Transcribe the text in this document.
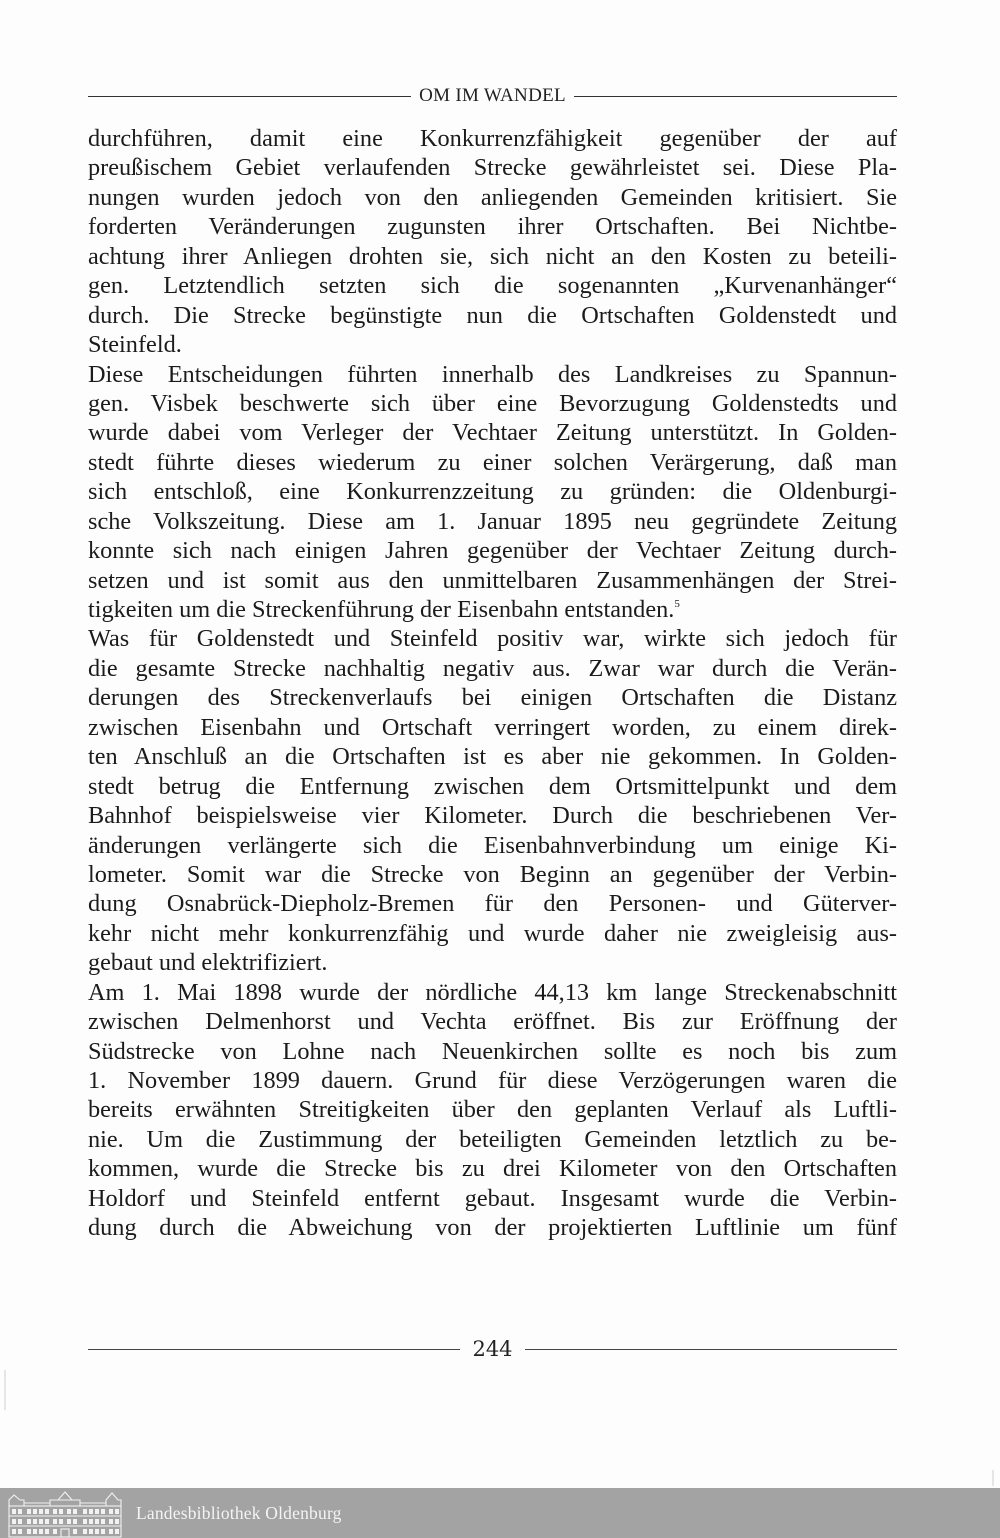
OM IM WANDEL
durchführen, damit eine Konkurrenzfähigkeit gegenüber der auf
preußischem Gebiet verlaufenden Strecke gewährleistet sei. Diese Pla-
nungen wurden jedoch von den anliegenden Gemeinden kritisiert. Sie
forderten Veränderungen zugunsten ihrer Ortschaften. Bei Nichtbe-
achtung ihrer Anliegen drohten sie, sich nicht an den Kosten zu beteili-
gen. Letztendlich setzten sich die sogenannten „Kurvenanhänger“
durch. Die Strecke begünstigte nun die Ortschaften Goldenstedt und
Steinfeld.
Diese Entscheidungen führten innerhalb des Landkreises zu Spannun-
gen. Visbek beschwerte sich über eine Bevorzugung Goldenstedts und
wurde dabei vom Verleger der Vechtaer Zeitung unterstützt. In Golden-
stedt führte dieses wiederum zu einer solchen Verärgerung, daß man
sich entschloß, eine Konkurrenzzeitung zu gründen: die Oldenburgi-
sche Volkszeitung. Diese am 1. Januar 1895 neu gegründete Zeitung
konnte sich nach einigen Jahren gegenüber der Vechtaer Zeitung durch-
setzen und ist somit aus den unmittelbaren Zusammenhängen der Strei-
tigkeiten um die Streckenführung der Eisenbahn entstanden.$^5$
Was für Goldenstedt und Steinfeld positiv war, wirkte sich jedoch für
die gesamte Strecke nachhaltig negativ aus. Zwar war durch die Verän-
derungen des Streckenverlaufs bei einigen Ortschaften die Distanz
zwischen Eisenbahn und Ortschaft verringert worden, zu einem direk-
ten Anschluß an die Ortschaften ist es aber nie gekommen. In Golden-
stedt betrug die Entfernung zwischen dem Ortsmittelpunkt und dem
Bahnhof beispielsweise vier Kilometer. Durch die beschriebenen Ver-
änderungen verlängerte sich die Eisenbahnverbindung um einige Ki-
lometer. Somit war die Strecke von Beginn an gegenüber der Verbin-
dung Osnabrück-Diepholz-Bremen für den Personen- und Güterver-
kehr nicht mehr konkurrenzfähig und wurde daher nie zweigleisig aus-
gebaut und elektrifiziert.
Am 1. Mai 1898 wurde der nördliche 44,13 km lange Streckenabschnitt
zwischen Delmenhorst und Vechta eröffnet. Bis zur Eröffnung der
Südstrecke von Lohne nach Neuenkirchen sollte es noch bis zum
1. November 1899 dauern. Grund für diese Verzögerungen waren die
bereits erwähnten Streitigkeiten über den geplanten Verlauf als Luftli-
nie. Um die Zustimmung der beteiligten Gemeinden letztlich zu be-
kommen, wurde die Strecke bis zu drei Kilometer von den Ortschaften
Holdorf und Steinfeld entfernt gebaut. Insgesamt wurde die Verbin-
dung durch die Abweichung von der projektierten Luftlinie um fünf
244
Landesbibliothek Oldenburg
